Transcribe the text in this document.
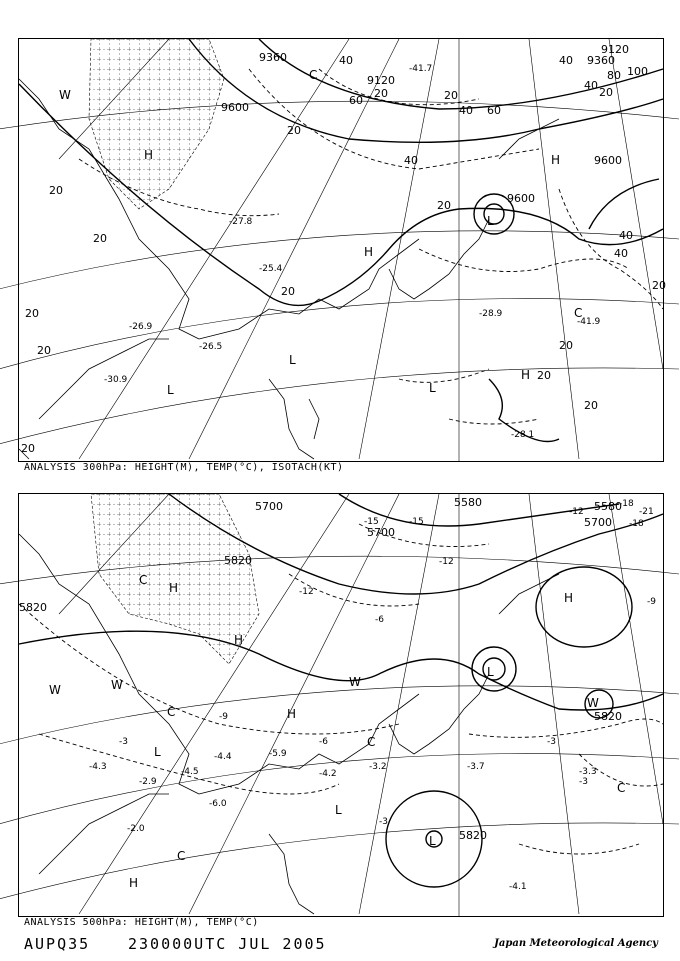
9600
9600
9600
9360	9360
9120
9120
20
20
20
20
20
20
20
20
20
20
20
20
20	20
40
40
40
40
40
40
60
60
80 100
40
20
W
H
H
H
H
L
L
L
C
L
C	-41.7
-28.9
-27.8
-26.9
-28.1
-30.9
-41.9
-26.5
-25.4
ANALYSIS 300hPa: HEIGHT(M), TEMP(°C), ISOTACH(KT)
5580	5580
5700
5700
5700
5820
5820
5820
5820
-12
-15	-18
-21
-12
-9
-6
-3	-3
-3
-6
-9
-15
-18
-12
-3
W	W
H
H
C
L
H
C
H
C
L
L
H
W
C
W
L
C
-4.1
-3.7	-3.3
-4.3
-6.0
-2.0
-2.9
-4.5
-4.4	-5.9
-3.2
-4.2
ANALYSIS 500hPa: HEIGHT(M), TEMP(°C)
AUPQ35	230000UTC JUL 2005	Japan Meteorological Agency
